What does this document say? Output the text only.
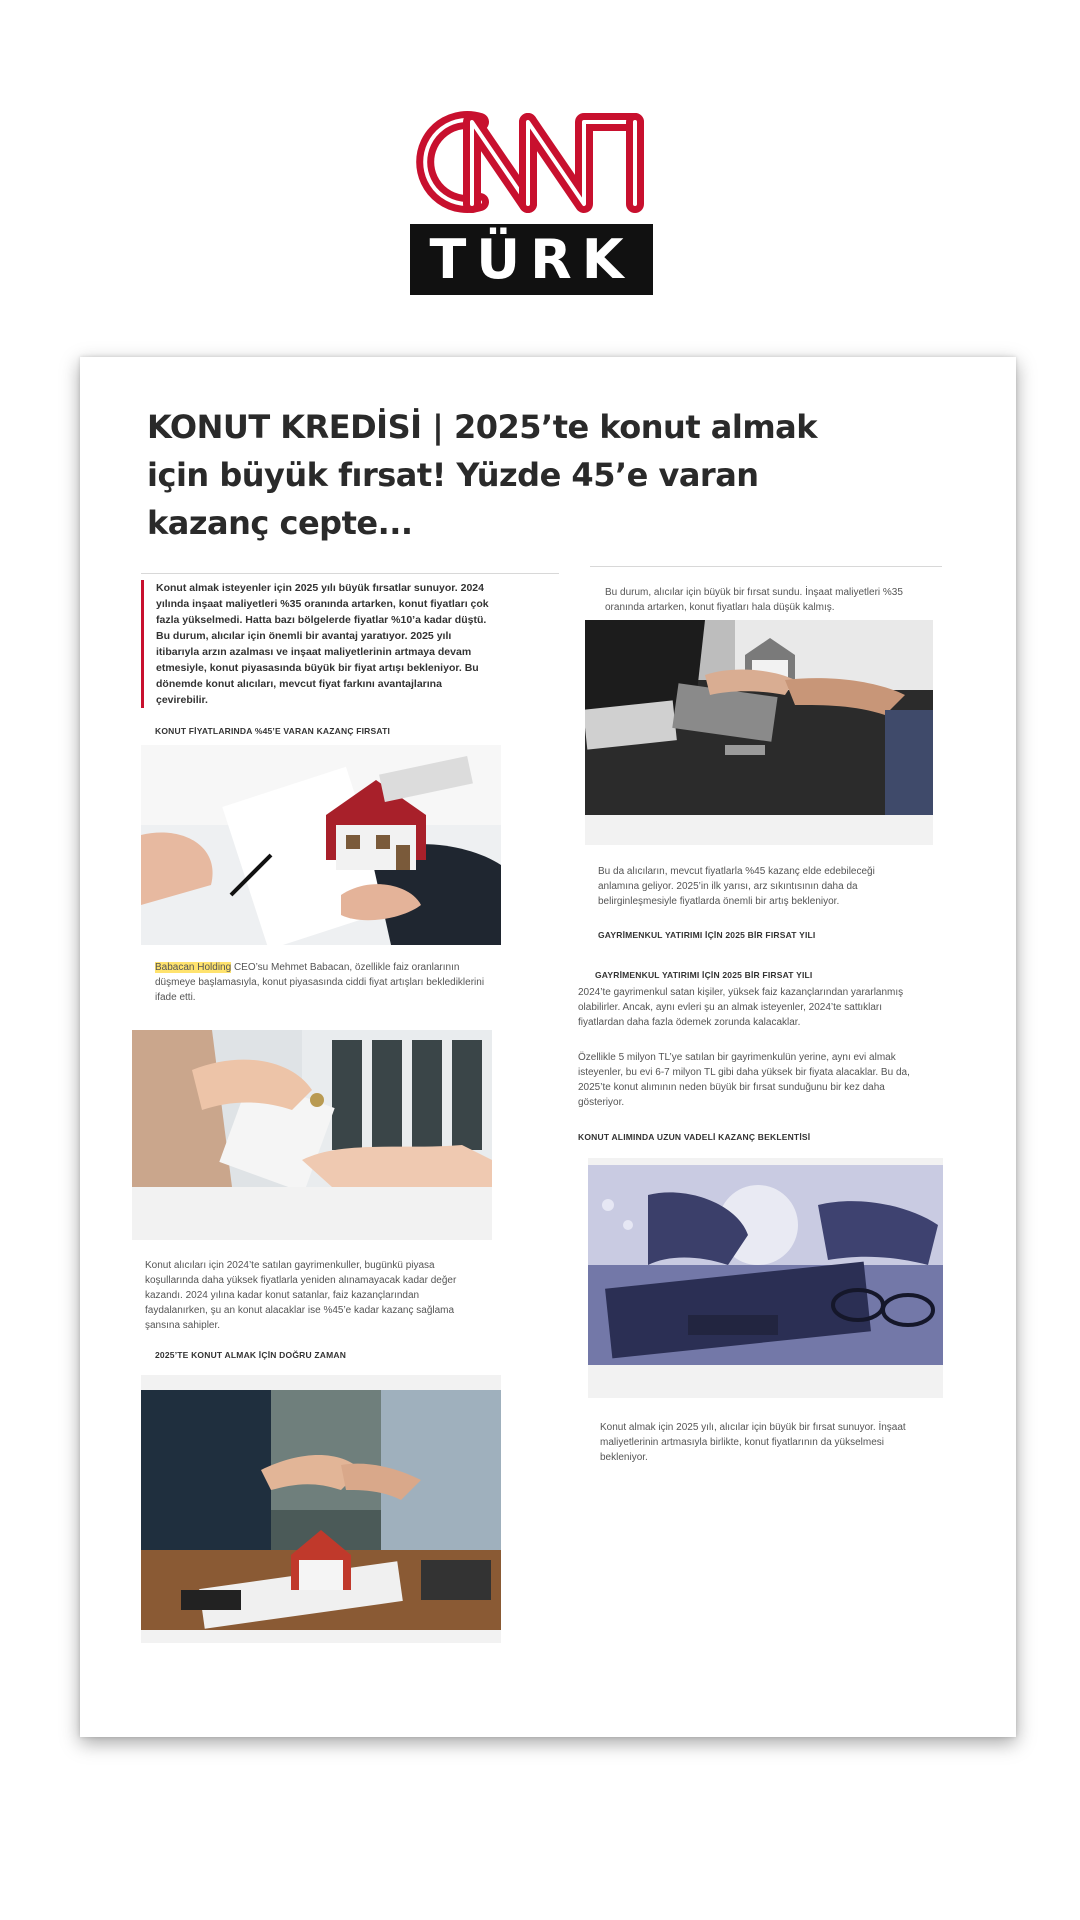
TÜRK
KONUT KREDİSİ | 2025’te konut almak için büyük fırsat! Yüzde 45’e varan kazanç cepte...
Konut almak isteyenler için 2025 yılı büyük fırsatlar sunuyor. 2024 yılında inşaat maliyetleri %35 oranında artarken, konut fiyatları çok fazla yükselmedi. Hatta bazı bölgelerde fiyatlar %10’a kadar düştü. Bu durum, alıcılar için önemli bir avantaj yaratıyor. 2025 yılı itibarıyla arzın azalması ve inşaat maliyetlerinin artmaya devam etmesiyle, konut piyasasında büyük bir fiyat artışı bekleniyor. Bu dönemde konut alıcıları, mevcut fiyat farkını avantajlarına çevirebilir.
KONUT FİYATLARINDA %45’E VARAN KAZANÇ FIRSATI
Babacan Holding CEO’su Mehmet Babacan, özellikle faiz oranlarının düşmeye başlamasıyla, konut piyasasında ciddi fiyat artışları beklediklerini ifade etti.
Konut alıcıları için 2024’te satılan gayrimenkuller, bugünkü piyasa koşullarında daha yüksek fiyatlarla yeniden alınamayacak kadar değer kazandı. 2024 yılına kadar konut satanlar, faiz kazançlarından faydalanırken, şu an konut alacaklar ise %45’e kadar kazanç sağlama şansına sahipler.
2025’TE KONUT ALMAK İÇİN DOĞRU ZAMAN
Bu durum, alıcılar için büyük bir fırsat sundu. İnşaat maliyetleri %35 oranında artarken, konut fiyatları hala düşük kalmış.
Bu da alıcıların, mevcut fiyatlarla %45 kazanç elde edebileceği anlamına geliyor. 2025’in ilk yarısı, arz sıkıntısının daha da belirginleşmesiyle fiyatlarda önemli bir artış bekleniyor.
GAYRİMENKUL YATIRIMI İÇİN 2025 BİR FIRSAT YILI
GAYRİMENKUL YATIRIMI İÇİN 2025 BİR FIRSAT YILI
2024’te gayrimenkul satan kişiler, yüksek faiz kazançlarından yararlanmış olabilirler. Ancak, aynı evleri şu an almak isteyenler, 2024’te sattıkları fiyatlardan daha fazla ödemek zorunda kalacaklar.
Özellikle 5 milyon TL’ye satılan bir gayrimenkulün yerine, aynı evi almak isteyenler, bu evi 6-7 milyon TL gibi daha yüksek bir fiyata alacaklar. Bu da, 2025’te konut alımının neden büyük bir fırsat sunduğunu bir kez daha gösteriyor.
KONUT ALIMINDA UZUN VADELİ KAZANÇ BEKLENTİSİ
Konut almak için 2025 yılı, alıcılar için büyük bir fırsat sunuyor. İnşaat maliyetlerinin artmasıyla birlikte, konut fiyatlarının da yükselmesi bekleniyor.
